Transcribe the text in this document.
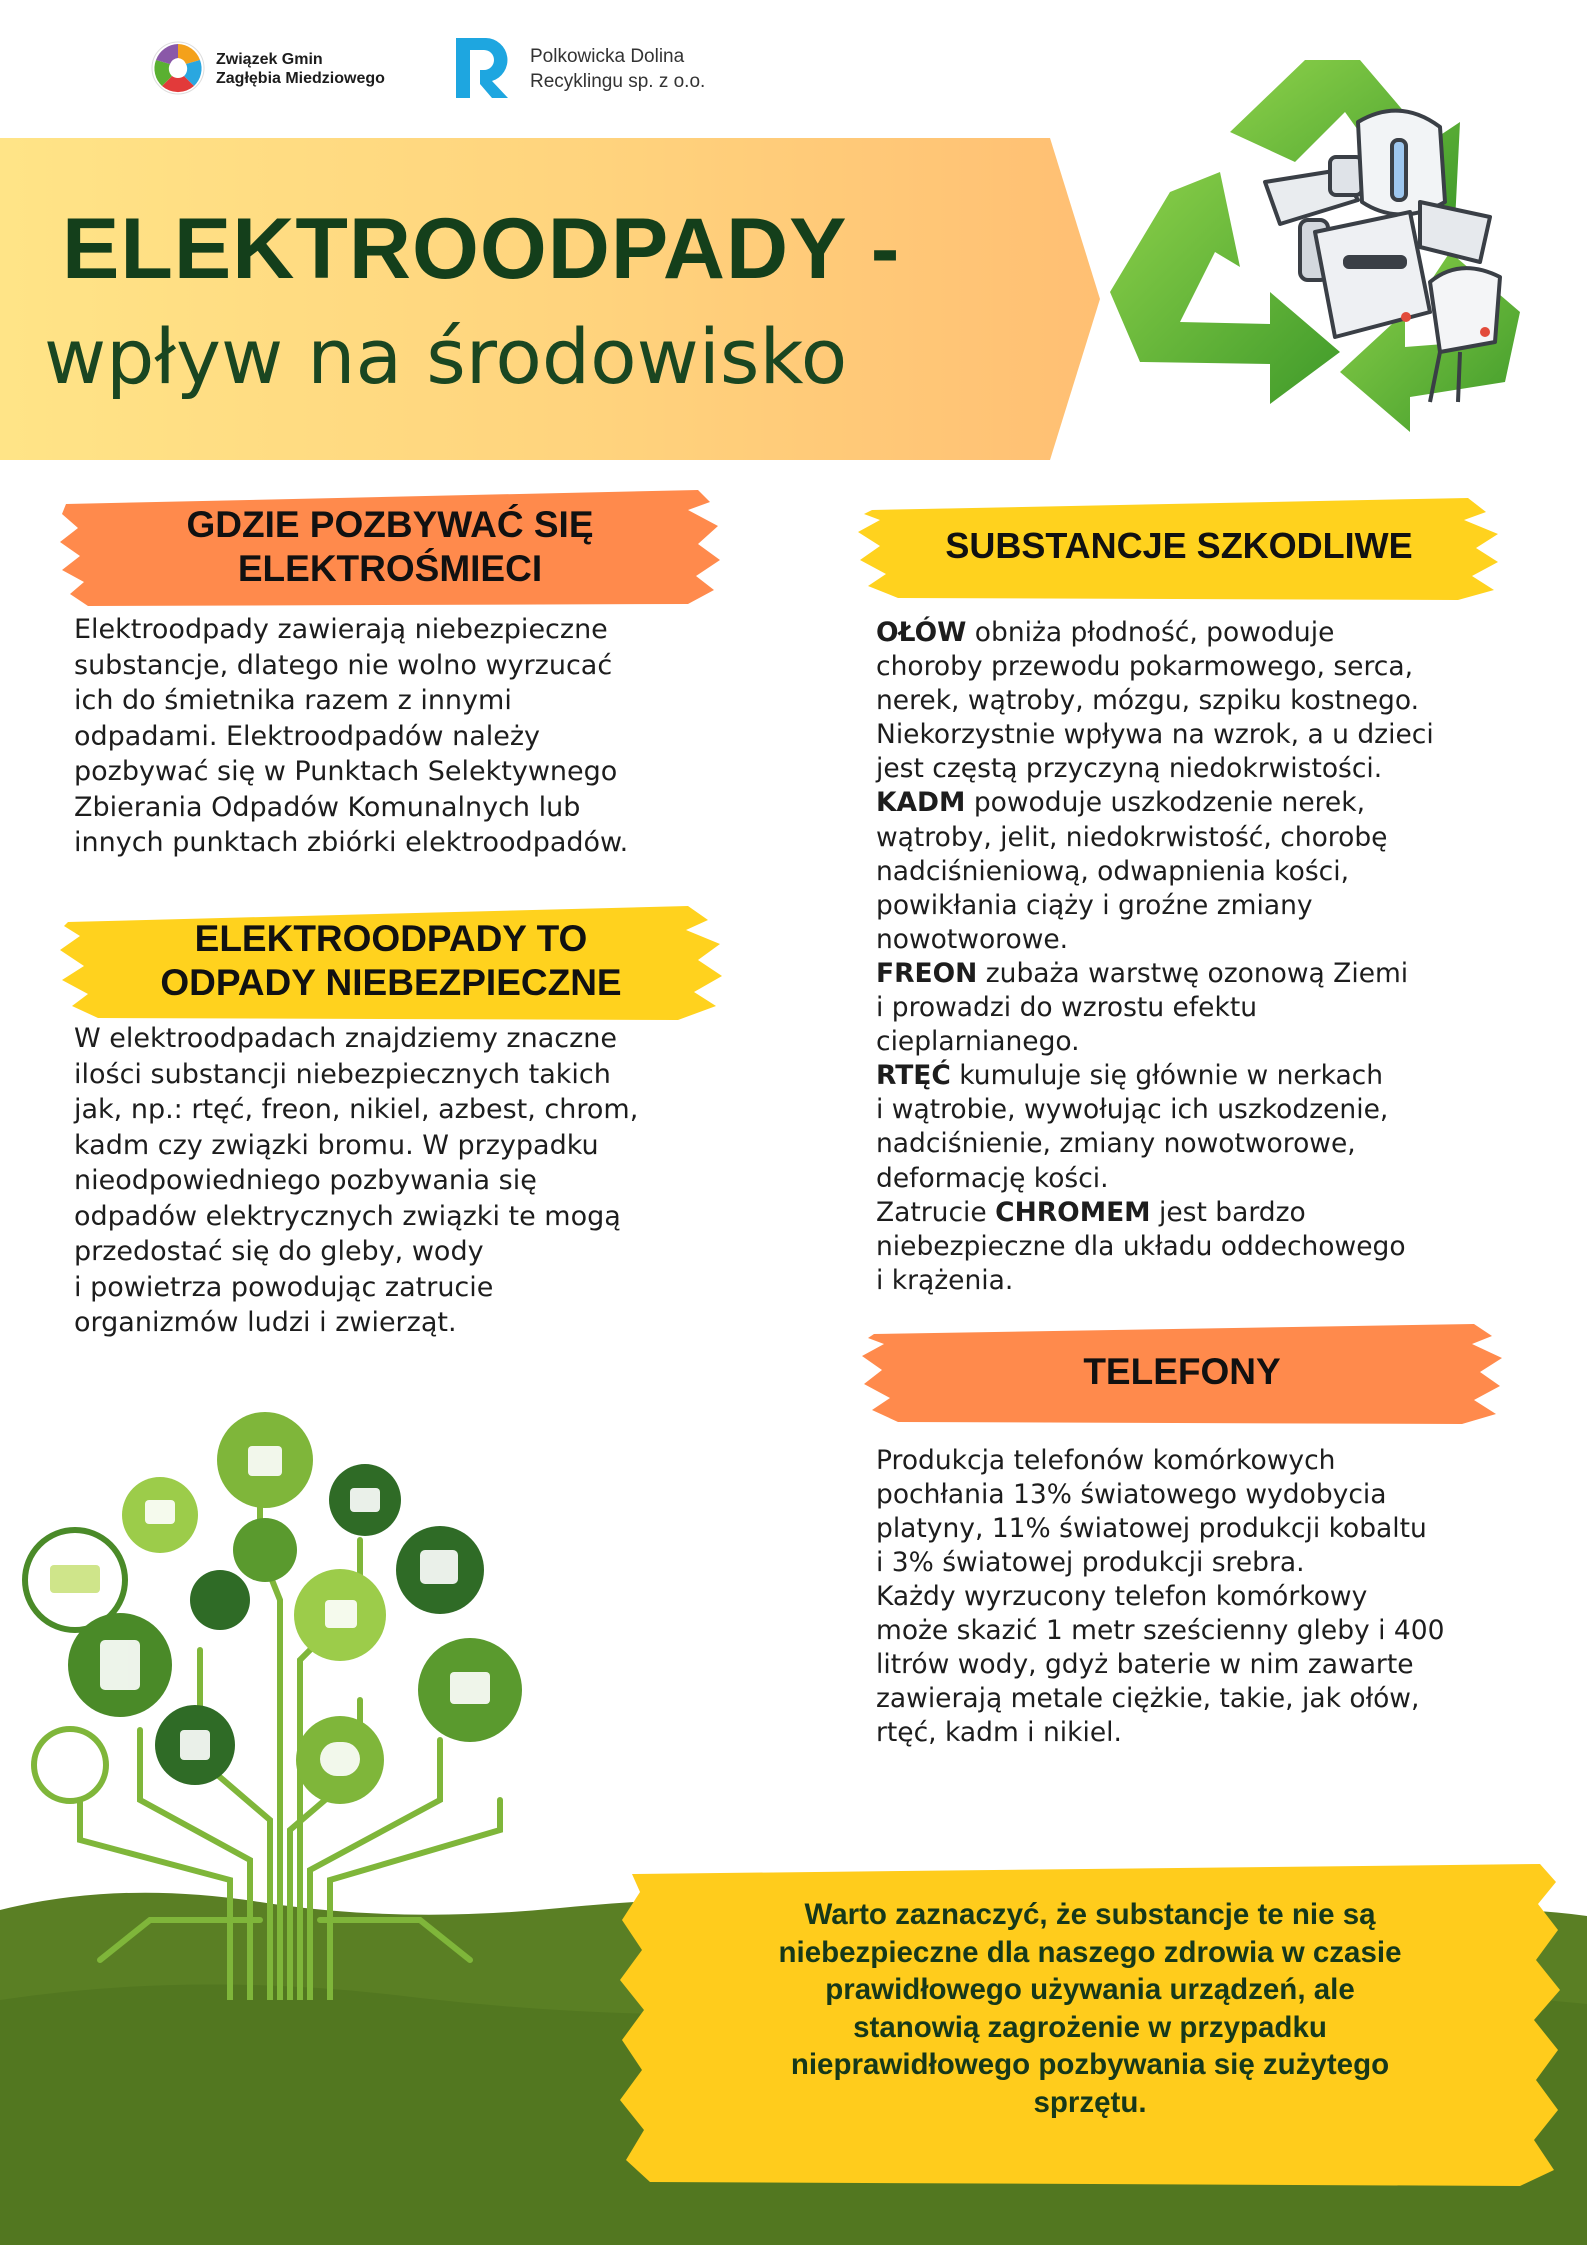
Związek Gmin
Zagłębia Miedziowego
Polkowicka Dolina
Recyklingu sp. z o.o.
ELEKTROODPADY -
wpływ na środowisko
GDZIE POZBYWAĆ SIĘ
ELEKTROŚMIECI
Elektroodpady zawierają niebezpieczne
substancje, dlatego nie wolno wyrzucać
ich do śmietnika razem z innymi
odpadami. Elektroodpadów należy
pozbywać się w Punktach Selektywnego
Zbierania Odpadów Komunalnych lub
innych punktach zbiórki elektroodpadów.
ELEKTROODPADY TO
ODPADY NIEBEZPIECZNE
W elektroodpadach znajdziemy znaczne
ilości substancji niebezpiecznych takich
jak, np.: rtęć, freon, nikiel, azbest, chrom,
kadm czy związki bromu. W przypadku
nieodpowiedniego pozbywania się
odpadów elektrycznych związki te mogą
przedostać się do gleby, wody
i powietrza powodując zatrucie
organizmów ludzi i zwierząt.
SUBSTANCJE SZKODLIWE
OŁÓW obniża płodność, powoduje
choroby przewodu pokarmowego, serca,
nerek, wątroby, mózgu, szpiku kostnego.
Niekorzystnie wpływa na wzrok, a u dzieci
jest częstą przyczyną niedokrwistości.
KADM powoduje uszkodzenie nerek,
wątroby, jelit, niedokrwistość, chorobę
nadciśnieniową, odwapnienia kości,
powikłania ciąży i groźne zmiany
nowotworowe.
FREON zubaża warstwę ozonową Ziemi
i prowadzi do wzrostu efektu
cieplarnianego.
RTĘĆ kumuluje się głównie w nerkach
i wątrobie, wywołując ich uszkodzenie,
nadciśnienie, zmiany nowotworowe,
deformację kości.
Zatrucie CHROMEM jest bardzo
niebezpieczne dla układu oddechowego
i krążenia.
TELEFONY
Produkcja telefonów komórkowych
pochłania 13% światowego wydobycia
platyny, 11% światowej produkcji kobaltu
i 3% światowej produkcji srebra.
Każdy wyrzucony telefon komórkowy
może skazić 1 metr sześcienny gleby i 400
litrów wody, gdyż baterie w nim zawarte
zawierają metale ciężkie, takie, jak ołów,
rtęć, kadm i nikiel.
Warto zaznaczyć, że substancje te nie są
niebezpieczne dla naszego zdrowia w czasie
prawidłowego używania urządzeń, ale
stanowią zagrożenie w przypadku
nieprawidłowego pozbywania się zużytego
sprzętu.
